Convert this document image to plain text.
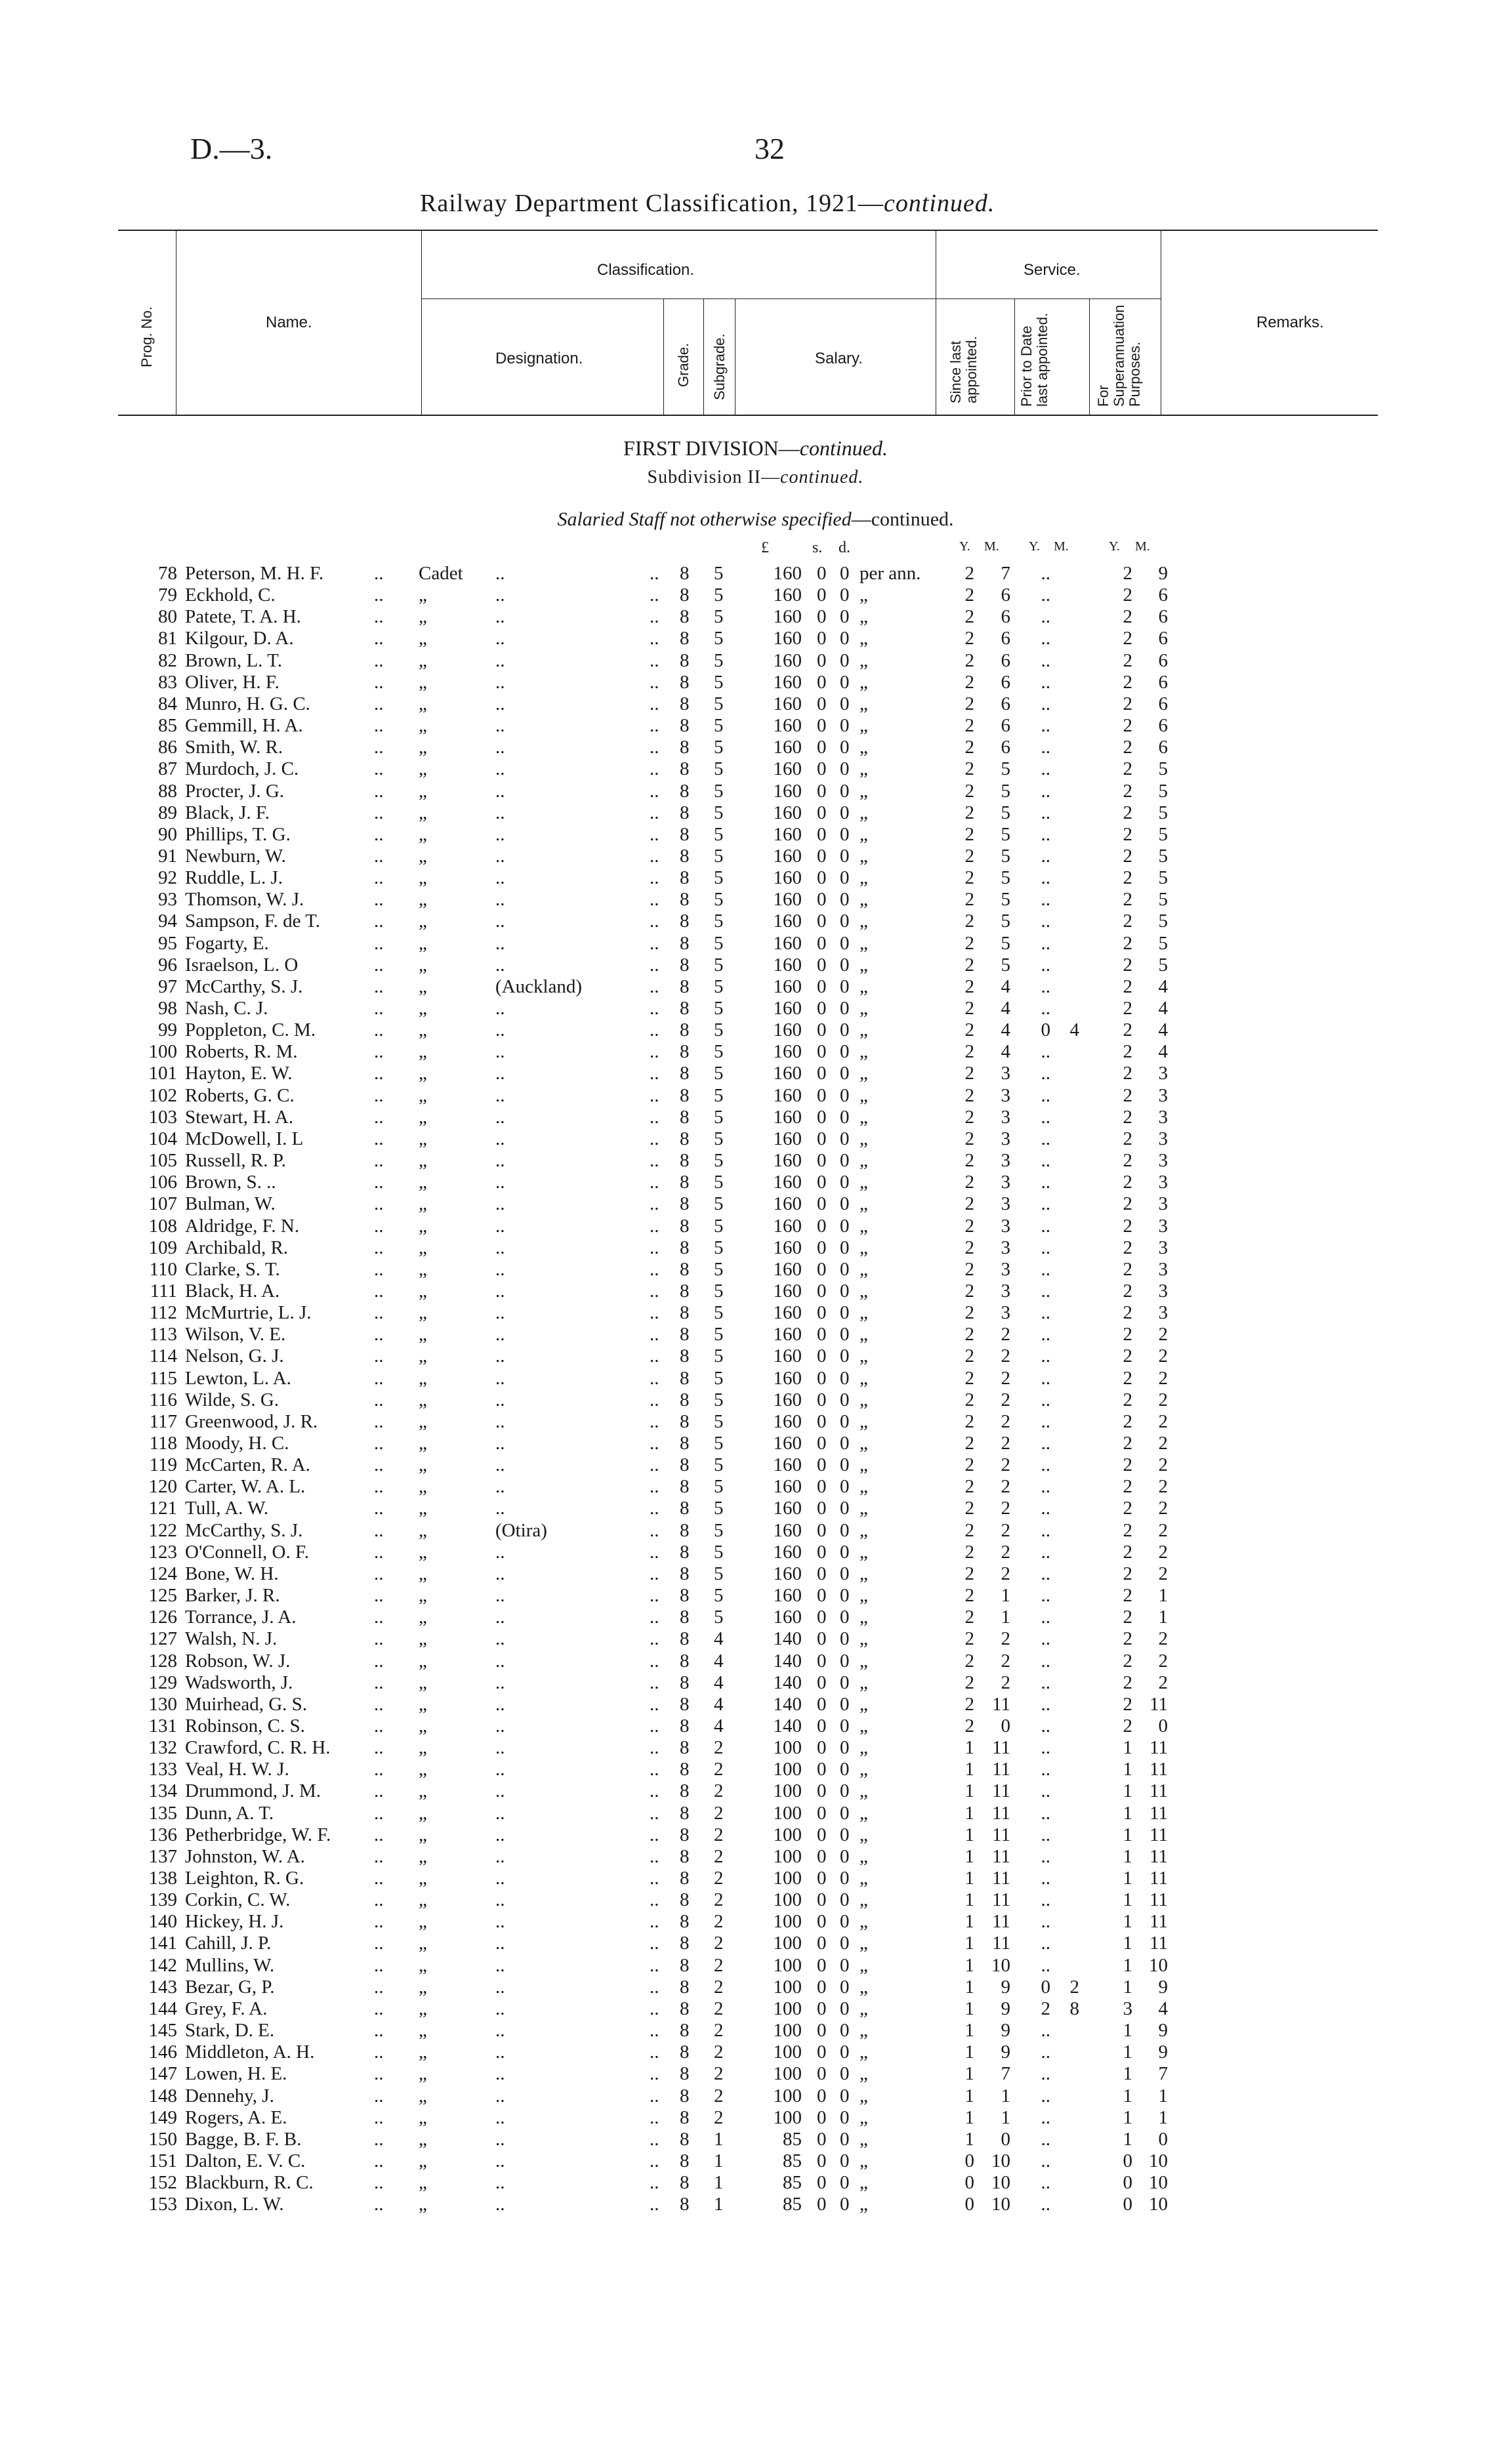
D.—3.	32
Railway Department Classification, 1921—continued.
Prog. No.	Name.
Classification.
Designation.	Grade. Subgrade.	Salary.
Service.
Since last appointed.	Prior to Date last appointed.	For Superannuation Purposes.
Remarks.
FIRST DIVISION—continued.
Subdivision II—continued.
Salaried Staff not otherwise specified—continued.
£	s. d.	Y. M. Y. M.	Y. M.
78 Peterson, M. H. F.	.. Cadet ..	.. 8 5	160 0 0 per ann.	2	7	..	2	9
79 Eckhold, C.	.. „	..	.. 8 5	160 0 0 „	2	6	..	2	6
80 Patete, T. A. H.	.. „	..	.. 8 5	160 0 0 „	2	6	..	2	6
81 Kilgour, D. A.	.. „	..	.. 8 5	160 0 0 „	2	6	..	2	6
82 Brown, L. T.	.. „	..	.. 8 5	160 0 0 „	2	6	..	2	6
83 Oliver, H. F.	.. „	..	.. 8 5	160 0 0 „	2	6	..	2	6
84 Munro, H. G. C.	.. „	..	.. 8 5	160 0 0 „	2	6	..	2	6
85 Gemmill, H. A.	.. „	..	.. 8 5	160 0 0 „	2	6	..	2	6
86 Smith, W. R.	.. „	..	.. 8 5	160 0 0 „	2	6	..	2	6
87 Murdoch, J. C.	.. „	..	.. 8 5	160 0 0 „	2	5	..	2	5
88 Procter, J. G.	.. „	..	.. 8 5	160 0 0 „	2	5	..	2	5
89 Black, J. F.	.. „	..	.. 8 5	160 0 0 „	2	5	..	2	5
90 Phillips, T. G.	.. „	..	.. 8 5	160 0 0 „	2	5	..	2	5
91 Newburn, W.	.. „	..	.. 8 5	160 0 0 „	2	5	..	2	5
92 Ruddle, L. J.	.. „	..	.. 8 5	160 0 0 „	2	5	..	2	5
93 Thomson, W. J.	.. „	..	.. 8 5	160 0 0 „	2	5	..	2	5
94 Sampson, F. de T.	.. „	..	.. 8 5	160 0 0 „	2	5	..	2	5
95 Fogarty, E.	.. „	..	.. 8 5	160 0 0 „	2	5	..	2	5
96 Israelson, L. O	.. „	..	.. 8 5	160 0 0 „	2	5	..	2	5
97 McCarthy, S. J.	.. „	(Auckland)	.. 8 5	160 0 0 „	2	4	..	2	4
98 Nash, C. J.	.. „	..	.. 8 5	160 0 0 „	2	4	..	2	4
99 Poppleton, C. M.	.. „	..	.. 8 5	160 0 0 „	2	4	0	4	2	4
100 Roberts, R. M.	.. „	..	.. 8 5	160 0 0 „	2	4	..	2	4
101 Hayton, E. W.	.. „	..	.. 8 5	160 0 0 „	2	3	..	2	3
102 Roberts, G. C.	.. „	..	.. 8 5	160 0 0 „	2	3	..	2	3
103 Stewart, H. A.	.. „	..	.. 8 5	160 0 0 „	2	3	..	2	3
104 McDowell, I. L	.. „	..	.. 8 5	160 0 0 „	2	3	..	2	3
105 Russell, R. P.	.. „	..	.. 8 5	160 0 0 „	2	3	..	2	3
106 Brown, S. ..	.. „	..	.. 8 5	160 0 0 „	2	3	..	2	3
107 Bulman, W.	.. „	..	.. 8 5	160 0 0 „	2	3	..	2	3
108 Aldridge, F. N.	.. „	..	.. 8 5	160 0 0 „	2	3	..	2	3
109 Archibald, R.	.. „	..	.. 8 5	160 0 0 „	2	3	..	2	3
110 Clarke, S. T.	.. „	..	.. 8 5	160 0 0 „	2	3	..	2	3
111 Black, H. A.	.. „	..	.. 8 5	160 0 0 „	2	3	..	2	3
112 McMurtrie, L. J.	.. „	..	.. 8 5	160 0 0 „	2	3	..	2	3
113 Wilson, V. E.	.. „	..	.. 8 5	160 0 0 „	2	2	..	2	2
114 Nelson, G. J.	.. „	..	.. 8 5	160 0 0 „	2	2	..	2	2
115 Lewton, L. A.	.. „	..	.. 8 5	160 0 0 „	2	2	..	2	2
116 Wilde, S. G.	.. „	..	.. 8 5	160 0 0 „	2	2	..	2	2
117 Greenwood, J. R.	.. „	..	.. 8 5	160 0 0 „	2	2	..	2	2
118 Moody, H. C.	.. „	..	.. 8 5	160 0 0 „	2	2	..	2	2
119 McCarten, R. A.	.. „	..	.. 8 5	160 0 0 „	2	2	..	2	2
120 Carter, W. A. L.	.. „	..	.. 8 5	160 0 0 „	2	2	..	2	2
121 Tull, A. W.	.. „	..	.. 8 5	160 0 0 „	2	2	..	2	2
122 McCarthy, S. J.	.. „	(Otira)	.. 8 5	160 0 0 „	2	2	..	2	2
123 O'Connell, O. F.	.. „	..	.. 8 5	160 0 0 „	2	2	..	2	2
124 Bone, W. H.	.. „	..	.. 8 5	160 0 0 „	2	2	..	2	2
125 Barker, J. R.	.. „	..	.. 8 5	160 0 0 „	2	1	..	2	1
126 Torrance, J. A.	.. „	..	.. 8 5	160 0 0 „	2	1	..	2	1
127 Walsh, N. J.	.. „	..	.. 8 4	140 0 0 „	2	2	..	2	2
128 Robson, W. J.	.. „	..	.. 8 4	140 0 0 „	2	2	..	2	2
129 Wadsworth, J.	.. „	..	.. 8 4	140 0 0 „	2	2	..	2	2
130 Muirhead, G. S.	.. „	..	.. 8 4	140 0 0 „	2 11	..	2 11
131 Robinson, C. S.	.. „	..	.. 8 4	140 0 0 „	2	0	..	2	0
132 Crawford, C. R. H. .. „	..	.. 8 2	100 0 0 „	1 11	..	1 11
133 Veal, H. W. J.	.. „	..	.. 8 2	100 0 0 „	1 11	..	1 11
134 Drummond, J. M.	.. „	..	.. 8 2	100 0 0 „	1 11	..	1 11
135 Dunn, A. T.	.. „	..	.. 8 2	100 0 0 „	1 11	..	1 11
136 Petherbridge, W. F. .. „	..	.. 8 2	100 0 0 „	1 11	..	1 11
137 Johnston, W. A.	.. „	..	.. 8 2	100 0 0 „	1 11	..	1 11
138 Leighton, R. G.	.. „	..	.. 8 2	100 0 0 „	1 11	..	1 11
139 Corkin, C. W.	.. „	..	.. 8 2	100 0 0 „	1 11	..	1 11
140 Hickey, H. J.	.. „	..	.. 8 2	100 0 0 „	1 11	..	1 11
141 Cahill, J. P.	.. „	..	.. 8 2	100 0 0 „	1 11	..	1 11
142 Mullins, W.	.. „	..	.. 8 2	100 0 0 „	1 10	..	1 10
143 Bezar, G, P.	.. „	..	.. 8 2	100 0 0 „	1	9	0	2	1	9
144 Grey, F. A.	.. „	..	.. 8 2	100 0 0 „	1	9	2	8	3	4
145 Stark, D. E.	.. „	..	.. 8 2	100 0 0 „	1	9	..	1	9
146 Middleton, A. H.	.. „	..	.. 8 2	100 0 0 „	1	9	..	1	9
147 Lowen, H. E.	.. „	..	.. 8 2	100 0 0 „	1	7	..	1	7
148 Dennehy, J.	.. „	..	.. 8 2	100 0 0 „	1	1	..	1	1
149 Rogers, A. E.	.. „	..	.. 8 2	100 0 0 „	1	1	..	1	1
150 Bagge, B. F. B.	.. „	..	.. 8 1	85 0 0 „	1	0	..	1	0
151 Dalton, E. V. C.	.. „	..	.. 8 1	85 0 0 „	0 10	..	0 10
152 Blackburn, R. C.	.. „	..	.. 8 1	85 0 0 „	0 10	..	0 10
153 Dixon, L. W.	.. „	..	.. 8 1	85 0 0 „	0 10	..	0 10
